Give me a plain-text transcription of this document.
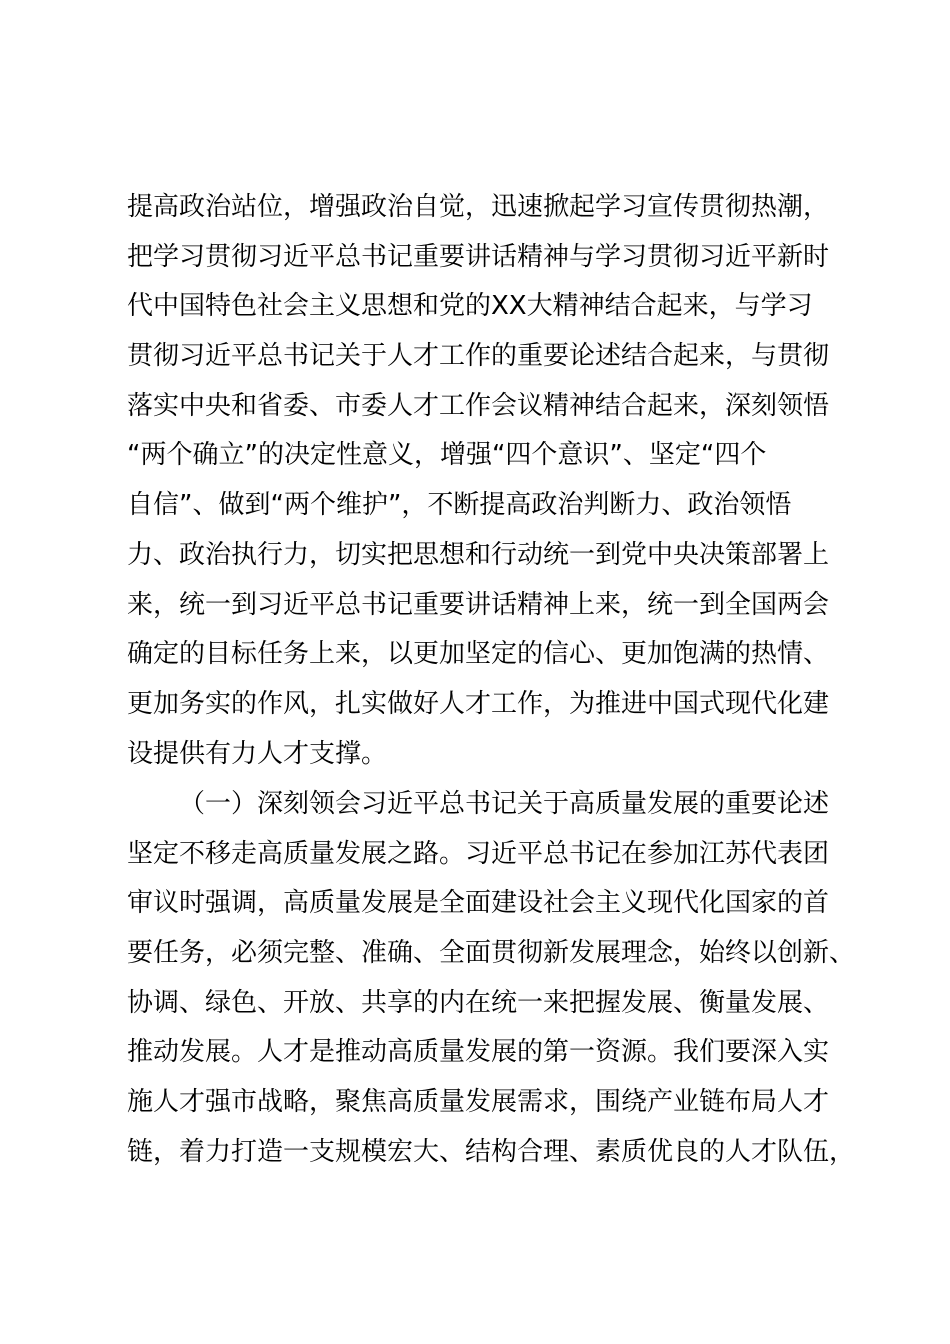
提高政治站位，增强政治自觉，迅速掀起学习宣传贯彻热潮，
把学习贯彻习近平总书记重要讲话精神与学习贯彻习近平新时
代中国特色社会主义思想和党的XX大精神结合起来，与学习
贯彻习近平总书记关于人才工作的重要论述结合起来，与贯彻
落实中央和省委、市委人才工作会议精神结合起来，深刻领悟
“两个确立”的决定性意义，增强“四个意识”、坚定“四个
自信”、做到“两个维护”，不断提高政治判断力、政治领悟
力、政治执行力，切实把思想和行动统一到党中央决策部署上
来，统一到习近平总书记重要讲话精神上来，统一到全国两会
确定的目标任务上来，以更加坚定的信心、更加饱满的热情、
更加务实的作风，扎实做好人才工作，为推进中国式现代化建
设提供有力人才支撑。
（一）深刻领会习近平总书记关于高质量发展的重要论述
坚定不移走高质量发展之路。习近平总书记在参加江苏代表团
审议时强调，高质量发展是全面建设社会主义现代化国家的首
要任务，必须完整、准确、全面贯彻新发展理念，始终以创新、
协调、绿色、开放、共享的内在统一来把握发展、衡量发展、
推动发展。人才是推动高质量发展的第一资源。我们要深入实
施人才强市战略，聚焦高质量发展需求，围绕产业链布局人才
链，着力打造一支规模宏大、结构合理、素质优良的人才队伍，
